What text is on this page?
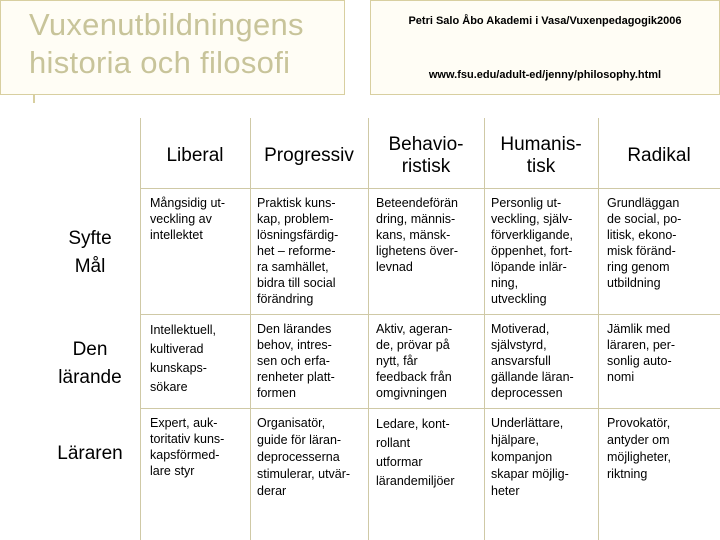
Vuxenutbildningens
historia och filosofi
Petri Salo Åbo Akademi i Vasa/Vuxenpedagogik2006
www.fsu.edu/adult-ed/jenny/philosophy.html
Liberal Progressiv
Behavio-
ristisk
Humanis-
tisk
Radikal
Syfte
Mål
Den
lärande
Läraren
Mångsidig ut-
veckling av
intellektet
Praktisk kuns-
kap, problem-
lösningsfärdig-
het – reforme-
ra samhället,
bidra till social
förändring
Beteendeförän
dring, männis-
kans, mänsk-
lighetens över-
levnad
Personlig ut-
veckling, själv-
förverkligande,
öppenhet, fort-
löpande inlär-
ning,
utveckling
Grundläggan
de social, po-
litisk, ekono-
misk föränd-
ring genom
utbildning
Intellektuell,
kultiverad
kunskaps-
sökare
Den lärandes
behov, intres-
sen och erfa-
renheter platt-
formen
Aktiv, ageran-
de, prövar på
nytt, får
feedback från
omgivningen
Motiverad,
självstyrd,
ansvarsfull
gällande läran-
deprocessen
Jämlik med
läraren, per-
sonlig auto-
nomi
Expert, auk-
toritativ kuns-
kapsförmed-
lare styr
Organisatör,
guide för läran-
deprocesserna
stimulerar, utvär-
derar
Ledare, kont-
rollant
utformar
lärandemiljöer
Underlättare,
hjälpare,
kompanjon
skapar möjlig-
heter
Provokatör,
antyder om
möjligheter,
riktning
